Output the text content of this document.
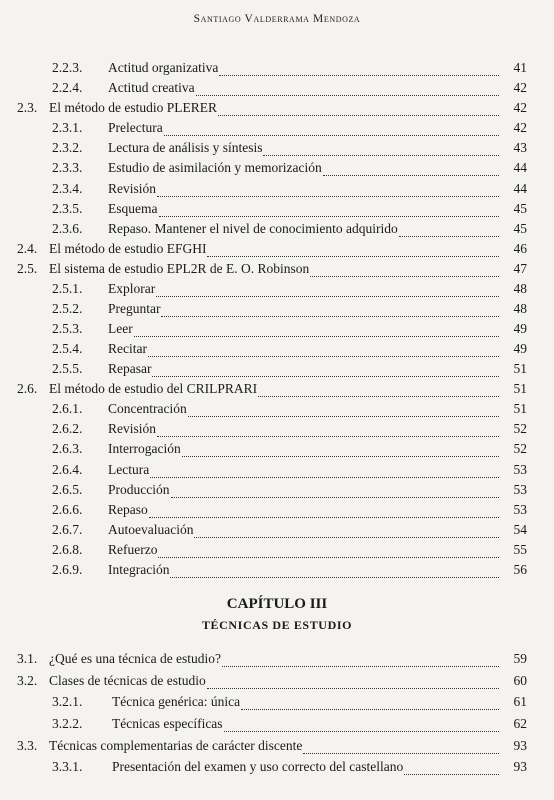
Santiago Valderrama Mendoza
2.2.3.	Actitud organizativa	41
2.2.4.	Actitud creativa	42
2.3. El método de estudio PLERER	42
2.3.1.	Prelectura	42
2.3.2.	Lectura de análisis y síntesis	43
2.3.3.	Estudio de asimilación y memorización	44
2.3.4.	Revisión	44
2.3.5.	Esquema	45
2.3.6.	Repaso. Mantener el nivel de conocimiento adquirido	45
2.4. El método de estudio EFGHI	46
2.5. El sistema de estudio EPL2R de E. O. Robinson	47
2.5.1.	Explorar	48
2.5.2.	Preguntar	48
2.5.3.	Leer	49
2.5.4.	Recitar	49
2.5.5.	Repasar	51
2.6. El método de estudio del CRILPRARI	51
2.6.1.	Concentración	51
2.6.2.	Revisión	52
2.6.3.	Interrogación	52
2.6.4.	Lectura	53
2.6.5.	Producción	53
2.6.6.	Repaso	53
2.6.7.	Autoevaluación	54
2.6.8.	Refuerzo	55
2.6.9.	Integración	56
3.1. ¿Qué es una técnica de estudio?	59
3.2. Clases de técnicas de estudio	60
3.2.1.	Técnica genérica: única	61
3.2.2.	Técnicas específicas	62
3.3. Técnicas complementarias de carácter discente	93
3.3.1.	Presentación del examen y uso correcto del castellano	93
CAPÍTULO III
TÉCNICAS DE ESTUDIO
